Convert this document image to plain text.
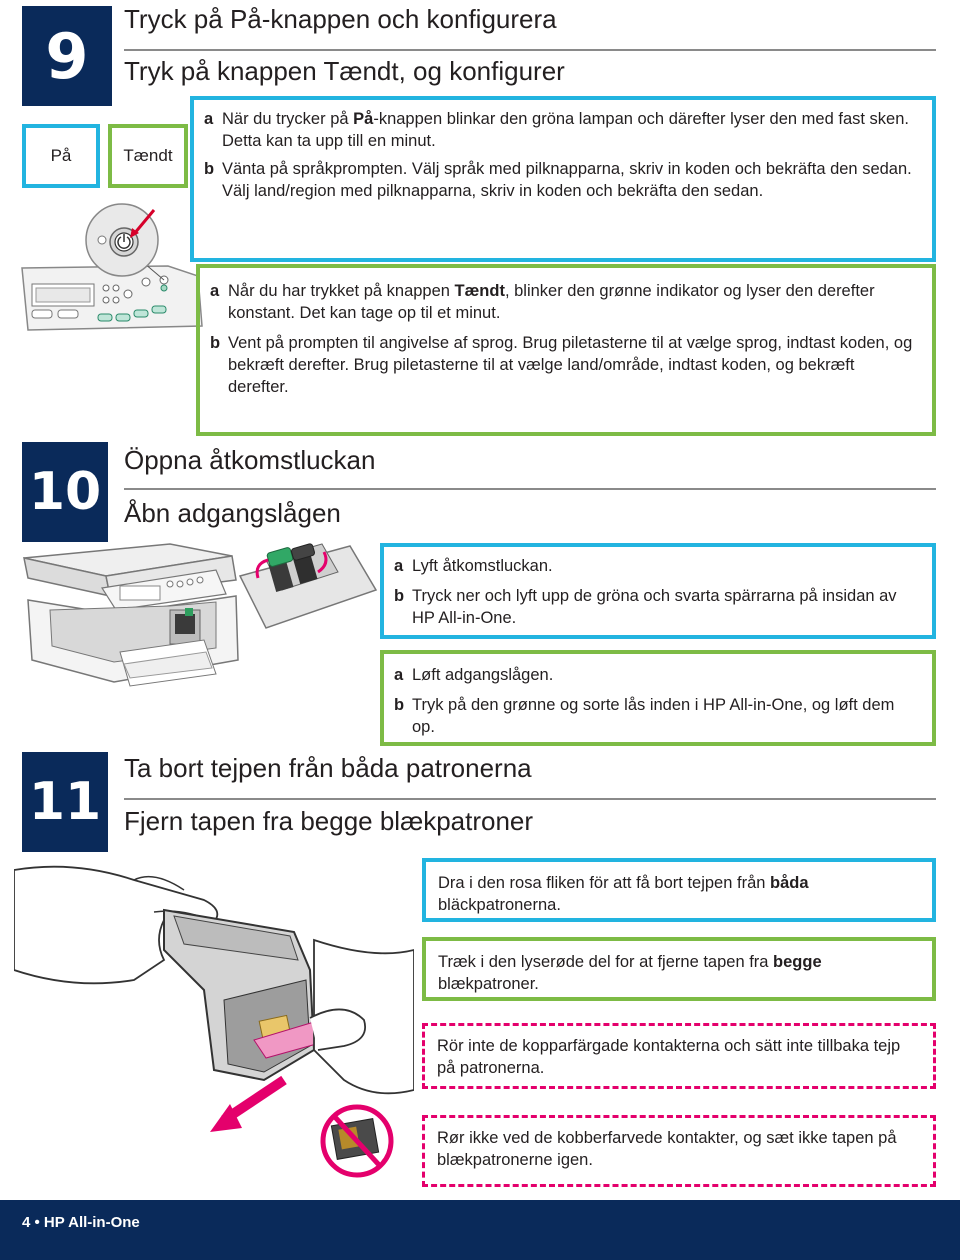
9
Tryck på På-knappen och konfigurera
Tryk på knappen Tændt, og konfigurer
På	Tændt
a När du trycker på På-knappen blinkar den gröna lampan och därefter lyser den med fast sken. Detta kan ta upp till en minut.
b Vänta på språkprompten. Välj språk med pilknapparna, skriv in koden och bekräfta den sedan. Välj land/region med pilknapparna, skriv in koden och bekräfta den sedan.
a Når du har trykket på knappen Tændt, blinker den grønne indikator og lyser den derefter konstant. Det kan tage op til et minut.
b Vent på prompten til angivelse af sprog. Brug piletasterne til at vælge sprog, indtast koden, og bekræft derefter. Brug piletasterne til at vælge land/område, indtast koden, og bekræft derefter.
10
Öppna åtkomstluckan
Åbn adgangslågen
a Lyft åtkomstluckan.
b Tryck ner och lyft upp de gröna och svarta spärrarna på insidan av HP All-in-One.
a Løft adgangslågen.
b Tryk på den grønne og sorte lås inden i HP All-in-One, og løft dem op.
11
Ta bort tejpen från båda patronerna
Fjern tapen fra begge blækpatroner
Dra i den rosa fliken för att få bort tejpen från båda bläckpatronerna.
Træk i den lyserøde del for at fjerne tapen fra begge blækpatroner.
Rör inte de kopparfärgade kontakterna och sätt inte tillbaka tejp på patronerna.
Rør ikke ved de kobberfarvede kontakter, og sæt ikke tapen på blækpatronerne igen.
4 • HP All-in-One
